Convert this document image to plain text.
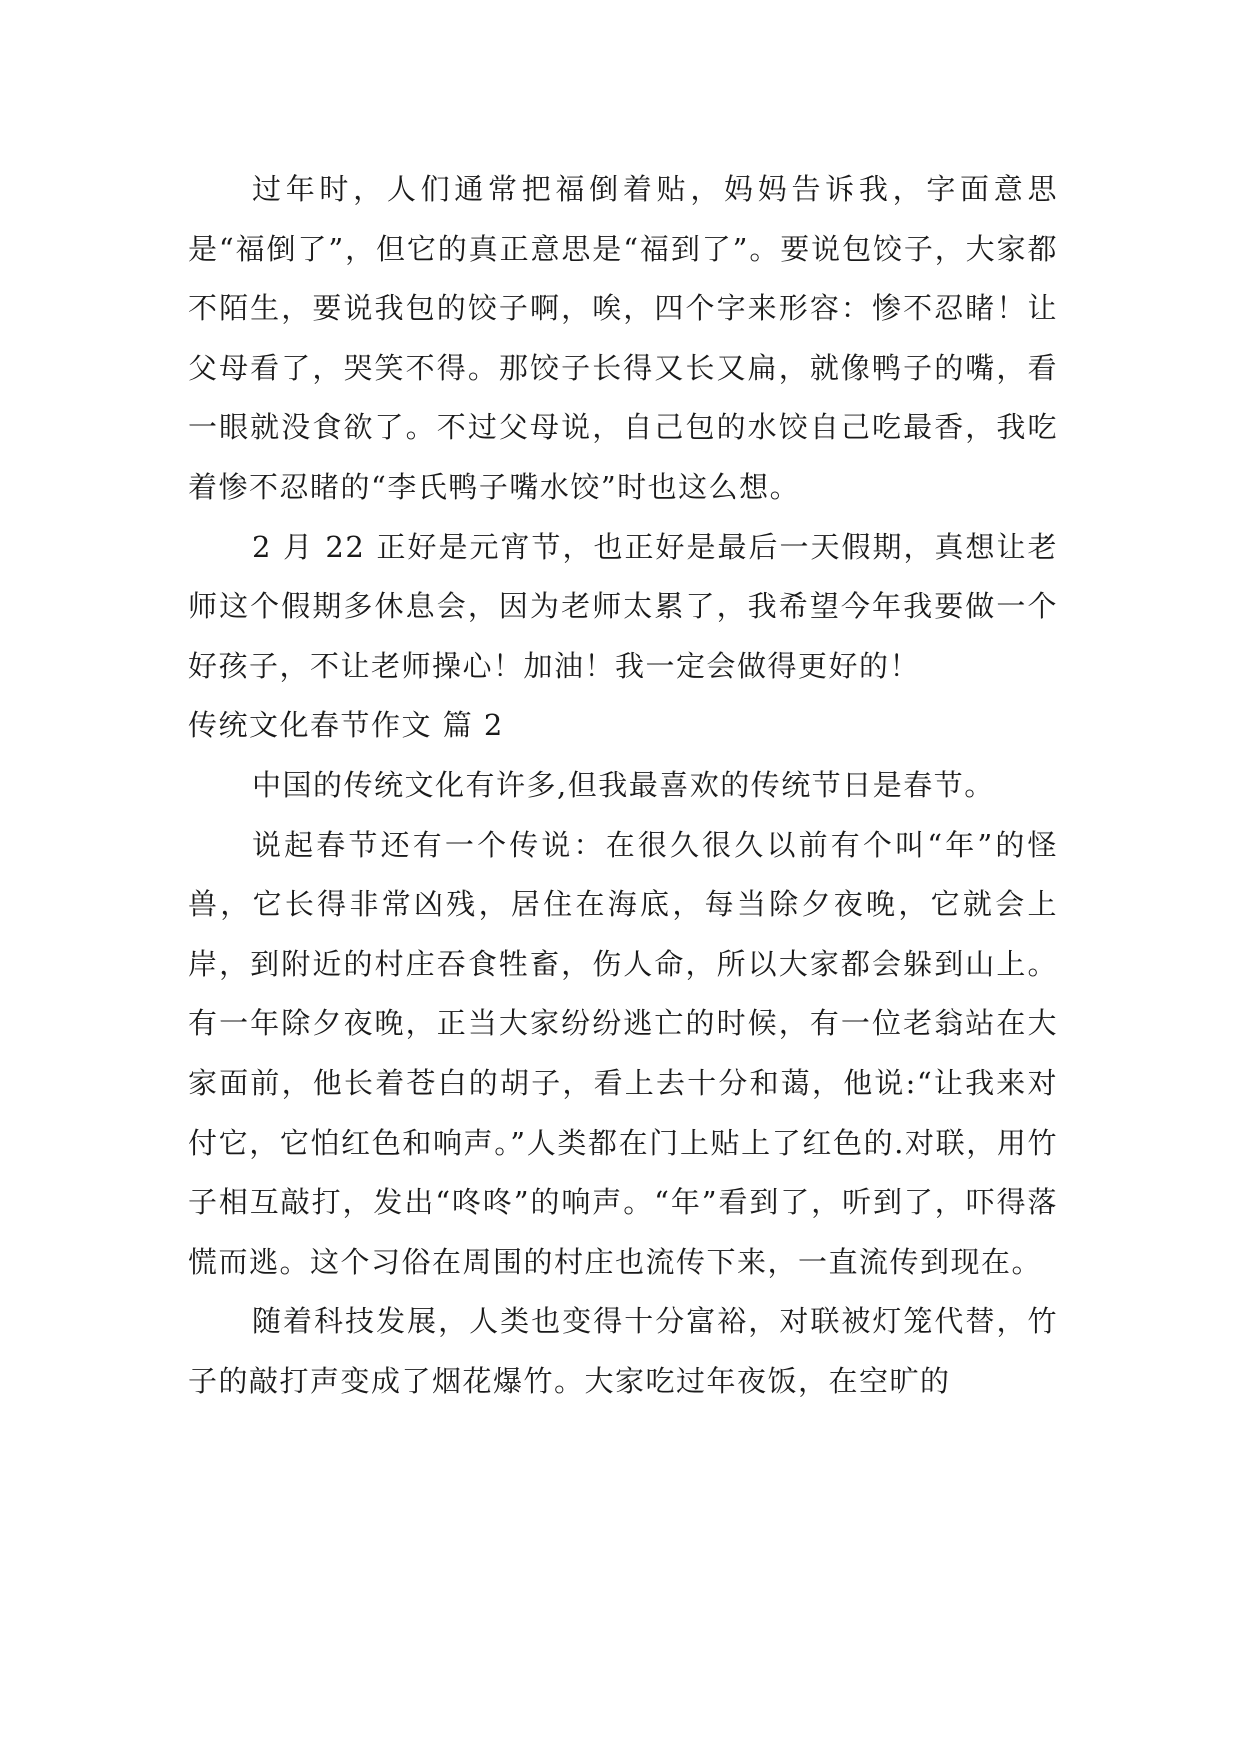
过年时，人们通常把福倒着贴，妈妈告诉我，字面意思是“福倒了”，但它的真正意思是“福到了”。要说包饺子，大家都不陌生，要说我包的饺子啊，唉，四个字来形容：惨不忍睹！让父母看了，哭笑不得。那饺子长得又长又扁，就像鸭子的嘴，看一眼就没食欲了。不过父母说，自己包的水饺自己吃最香，我吃着惨不忍睹的“李氏鸭子嘴水饺”时也这么想。

2 月 22 正好是元宵节，也正好是最后一天假期，真想让老师这个假期多休息会，因为老师太累了，我希望今年我要做一个好孩子，不让老师操心！加油！我一定会做得更好的！

传统文化春节作文 篇 2

中国的传统文化有许多,但我最喜欢的传统节日是春节。

说起春节还有一个传说：在很久很久以前有个叫“年”的怪兽，它长得非常凶残，居住在海底，每当除夕夜晚，它就会上岸，到附近的村庄吞食牲畜，伤人命，所以大家都会躲到山上。有一年除夕夜晚，正当大家纷纷逃亡的时候，有一位老翁站在大家面前，他长着苍白的胡子，看上去十分和蔼，他说:“让我来对付它，它怕红色和响声。”人类都在门上贴上了红色的.对联，用竹子相互敲打，发出“咚咚”的响声。“年”看到了，听到了，吓得落慌而逃。这个习俗在周围的村庄也流传下来，一直流传到现在。

随着科技发展，人类也变得十分富裕，对联被灯笼代替，竹子的敲打声变成了烟花爆竹。大家吃过年夜饭，在空旷的
